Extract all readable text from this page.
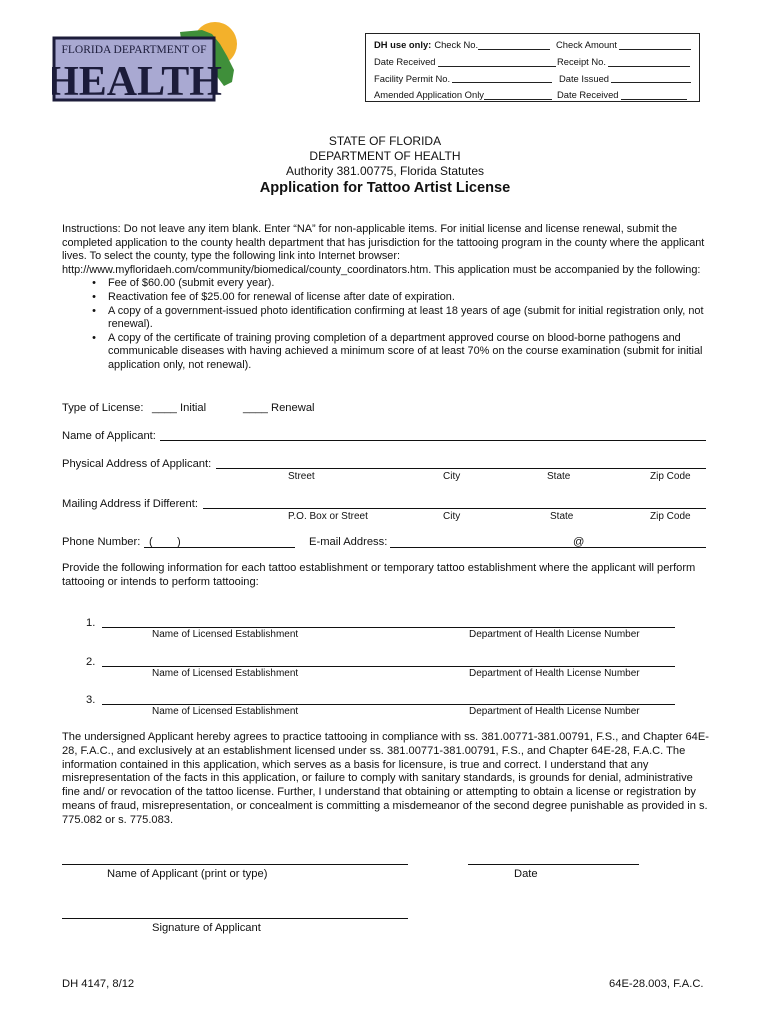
FLORIDA DEPARTMENT OF
HEALTH
DH use only: Check No.	Check Amount
Date Received	Receipt No.
Facility Permit No.	Date Issued
Amended Application Only	Date Received
STATE OF FLORIDA
DEPARTMENT OF HEALTH
Authority 381.00775, Florida Statutes
Application for Tattoo Artist License
Instructions: Do not leave any item blank. Enter “NA” for non-applicable items. For initial license and license renewal, submit the completed application to the county health department that has jurisdiction for the tattooing program in the county where the applicant lives. To select the county, type the following link into Internet browser: http://www.myfloridaeh.com/community/biomedical/county_coordinators.htm. This application must be accompanied by the following:
•	Fee of $60.00 (submit every year).
•	Reactivation fee of $25.00 for renewal of license after date of expiration.
•	A copy of a government-issued photo identification confirming at least 18 years of age (submit for initial registration only, not renewal).
•	A copy of the certificate of training proving completion of a department approved course on blood-borne pathogens and communicable diseases with having achieved a minimum score of at least 70% on the course examination (submit for initial application only, not renewal).
Type of License: ____ Initial	____ Renewal
Name of Applicant:
Physical Address of Applicant:
Street	City	State	Zip Code
Mailing Address if Different:
P.O. Box or Street	City	State	Zip Code
Phone Number: ( )	E-mail Address:	@
Provide the following information for each tattoo establishment or temporary tattoo establishment where the applicant will perform tattooing or intends to perform tattooing:
1.
Name of Licensed Establishment	Department of Health License Number
2.
Name of Licensed Establishment	Department of Health License Number
3.
Name of Licensed Establishment	Department of Health License Number
The undersigned Applicant hereby agrees to practice tattooing in compliance with ss. 381.00771-381.00791, F.S., and Chapter 64E-28, F.A.C., and exclusively at an establishment licensed under ss. 381.00771-381.00791, F.S., and Chapter 64E-28, F.A.C. The information contained in this application, which serves as a basis for licensure, is true and correct. I understand that any misrepresentation of the facts in this application, or failure to comply with sanitary standards, is grounds for denial, administrative fine and/ or revocation of the tattoo license. Further, I understand that obtaining or attempting to obtain a license or registration by means of fraud, misrepresentation, or concealment is committing a misdemeanor of the second degree punishable as provided in s. 775.082 or s. 775.083.
Name of Applicant (print or type)	Date
Signature of Applicant
DH 4147, 8/12	64E-28.003, F.A.C.
